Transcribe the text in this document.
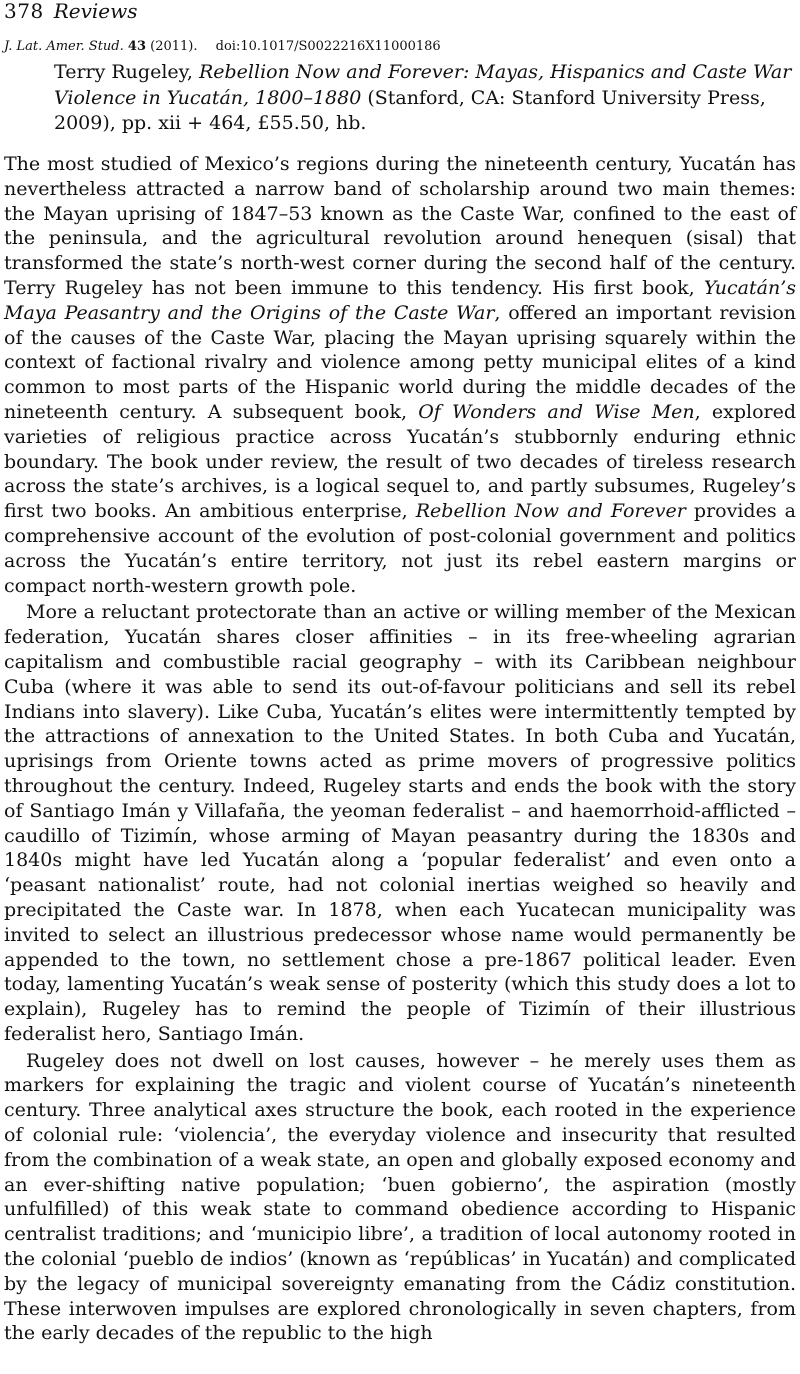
378 Reviews
J. Lat. Amer. Stud. 43 (2011). doi:10.1017/S0022216X11000186
Terry Rugeley, Rebellion Now and Forever: Mayas, Hispanics and Caste War Violence in Yucatán, 1800–1880 (Stanford, CA: Stanford University Press, 2009), pp. xii + 464, £55.50, hb.

The most studied of Mexico’s regions during the nineteenth century, Yucatán has nevertheless attracted a narrow band of scholarship around two main themes: the Mayan uprising of 1847–53 known as the Caste War, confined to the east of the peninsula, and the agricultural revolution around henequen (sisal) that transformed the state’s north-west corner during the second half of the century. Terry Rugeley has not been immune to this tendency. His first book, Yucatán’s Maya Peasantry and the Origins of the Caste War, offered an important revision of the causes of the Caste War, placing the Mayan uprising squarely within the context of factional rivalry and violence among petty municipal elites of a kind common to most parts of the Hispanic world during the middle decades of the nineteenth century. A subsequent book, Of Wonders and Wise Men, explored varieties of religious practice across Yucatán’s stubbornly enduring ethnic boundary. The book under review, the result of two decades of tireless research across the state’s archives, is a logical sequel to, and partly subsumes, Rugeley’s first two books. An ambitious enterprise, Rebellion Now and Forever provides a comprehensive account of the evolution of post-colonial government and politics across the Yucatán’s entire territory, not just its rebel eastern margins or compact north-western growth pole.

More a reluctant protectorate than an active or willing member of the Mexican federation, Yucatán shares closer affinities – in its free-wheeling agrarian capitalism and combustible racial geography – with its Caribbean neighbour Cuba (where it was able to send its out-of-favour politicians and sell its rebel Indians into slavery). Like Cuba, Yucatán’s elites were intermittently tempted by the attractions of annexation to the United States. In both Cuba and Yucatán, uprisings from Oriente towns acted as prime movers of progressive politics throughout the century. Indeed, Rugeley starts and ends the book with the story of Santiago Imán y Villafaña, the yeoman federalist – and haemorrhoid-afflicted – caudillo of Tizimín, whose arming of Mayan peasantry during the 1830s and 1840s might have led Yucatán along a ‘popular federalist’ and even onto a ‘peasant nationalist’ route, had not colonial inertias weighed so heavily and precipitated the Caste war. In 1878, when each Yucatecan municipality was invited to select an illustrious predecessor whose name would permanently be appended to the town, no settlement chose a pre-1867 political leader. Even today, lamenting Yucatán’s weak sense of posterity (which this study does a lot to explain), Rugeley has to remind the people of Tizimín of their illustrious federalist hero, Santiago Imán.

Rugeley does not dwell on lost causes, however – he merely uses them as markers for explaining the tragic and violent course of Yucatán’s nineteenth century. Three analytical axes structure the book, each rooted in the experience of colonial rule: ‘violencia’, the everyday violence and insecurity that resulted from the combination of a weak state, an open and globally exposed economy and an ever-shifting native population; ‘buen gobierno’, the aspiration (mostly unfulfilled) of this weak state to command obedience according to Hispanic centralist traditions; and ‘municipio libre’, a tradition of local autonomy rooted in the colonial ‘pueblo de indios’ (known as ‘repúblicas’ in Yucatán) and complicated by the legacy of municipal sovereignty emanating from the Cádiz constitution. These interwoven impulses are explored chronologically in seven chapters, from the early decades of the republic to the high
